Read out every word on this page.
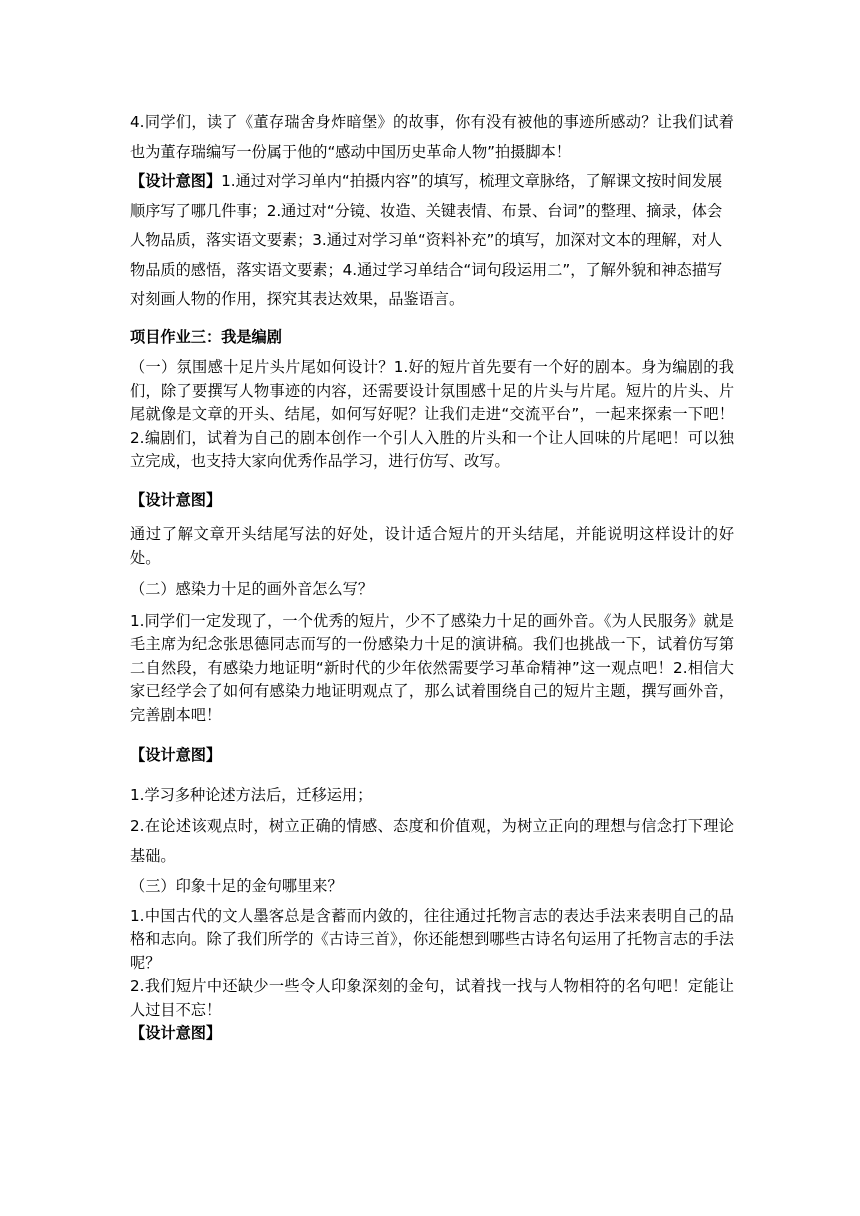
4.同学们，读了《董存瑞舍身炸暗堡》的故事，你有没有被他的事迹所感动？让我们试着也为董存瑞编写一份属于他的“感动中国历史革命人物”拍摄脚本！

【设计意图】

1.通过对学习单内“拍摄内容”的填写，梳理文章脉络，了解课文按时间发展顺序写了哪几件事；2.通过对“分镜、妆造、关键表情、布景、台词”的整理、摘录，体会人物品质，落实语文要素；3.通过对学习单“资料补充”的填写，加深对文本的理解，对人物品质的感悟，落实语文要素；4.通过学习单结合“词句段运用二”，了解外貌和神态描写对刻画人物的作用，探究其表达效果，品鉴语言。

项目作业三：我是编剧

（一）氛围感十足片头片尾如何设计？1.好的短片首先要有一个好的剧本。身为编剧的我们，除了要撰写人物事迹的内容，还需要设计氛围感十足的片头与片尾。短片的片头、片尾就像是文章的开头、结尾，如何写好呢？让我们走进“交流平台”，一起来探索一下吧！2.编剧们，试着为自己的剧本创作一个引人入胜的片头和一个让人回味的片尾吧！可以独立完成，也支持大家向优秀作品学习，进行仿写、改写。

【设计意图】

通过了解文章开头结尾写法的好处，设计适合短片的开头结尾，并能说明这样设计的好处。

（二）感染力十足的画外音怎么写？

1.同学们一定发现了，一个优秀的短片，少不了感染力十足的画外音。《为人民服务》就是毛主席为纪念张思德同志而写的一份感染力十足的演讲稿。我们也挑战一下，试着仿写第二自然段，有感染力地证明“新时代的少年依然需要学习革命精神”这一观点吧！2.相信大家已经学会了如何有感染力地证明观点了，那么试着围绕自己的短片主题，撰写画外音，完善剧本吧！

【设计意图】

1.学习多种论述方法后，迁移运用；

2.在论述该观点时，树立正确的情感、态度和价值观，为树立正向的理想与信念打下理论基础。

（三）印象十足的金句哪里来？

1.中国古代的文人墨客总是含蓄而内敛的，往往通过托物言志的表达手法来表明自己的品格和志向。除了我们所学的《古诗三首》，你还能想到哪些古诗名句运用了托物言志的手法呢？

2.我们短片中还缺少一些令人印象深刻的金句，试着找一找与人物相符的名句吧！定能让人过目不忘！

【设计意图】
